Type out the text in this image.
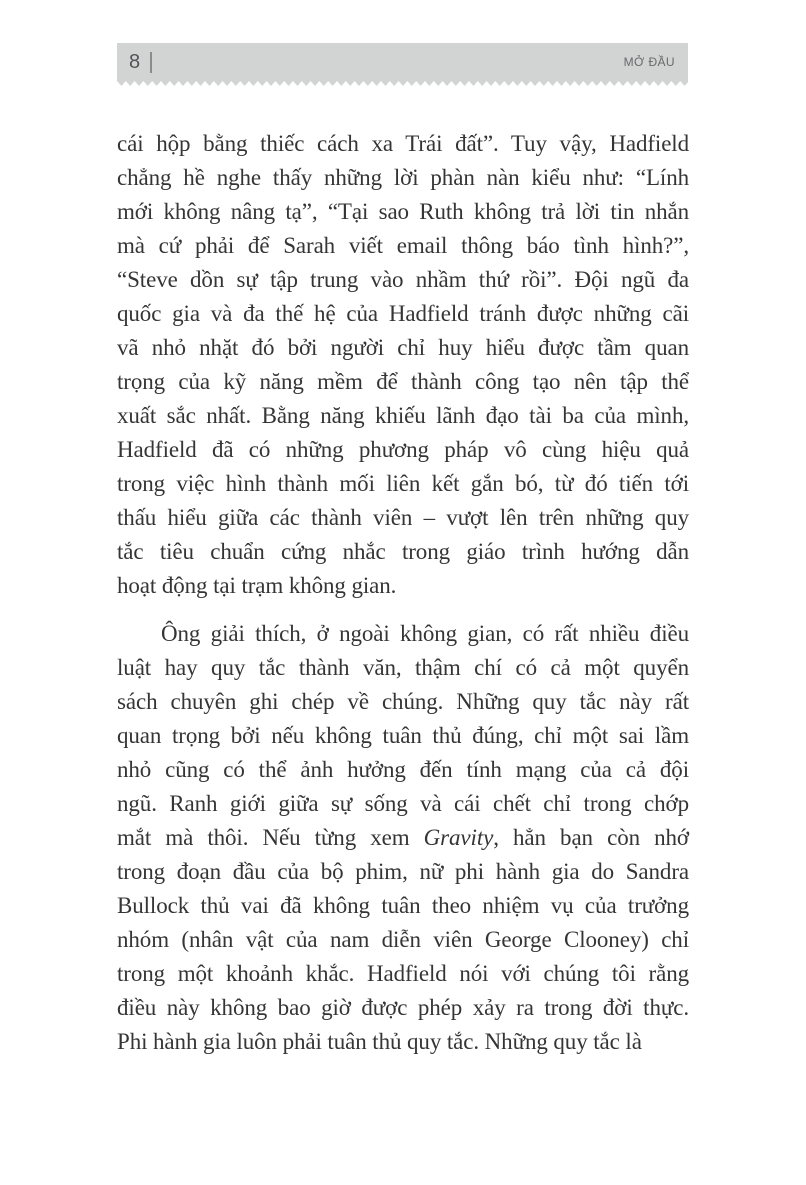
8	MỞ ĐẦU
cái hộp bằng thiếc cách xa Trái đất”. Tuy vậy, Hadfield
chẳng hề nghe thấy những lời phàn nàn kiểu như: “Lính
mới không nâng tạ”, “Tại sao Ruth không trả lời tin nhắn
mà cứ phải để Sarah viết email thông báo tình hình?”,
“Steve dồn sự tập trung vào nhầm thứ rồi”. Đội ngũ đa
quốc gia và đa thế hệ của Hadfield tránh được những cãi
vã nhỏ nhặt đó bởi người chỉ huy hiểu được tầm quan
trọng của kỹ năng mềm để thành công tạo nên tập thể
xuất sắc nhất. Bằng năng khiếu lãnh đạo tài ba của mình,
Hadfield đã có những phương pháp vô cùng hiệu quả
trong việc hình thành mối liên kết gắn bó, từ đó tiến tới
thấu hiểu giữa các thành viên – vượt lên trên những quy
tắc tiêu chuẩn cứng nhắc trong giáo trình hướng dẫn
hoạt động tại trạm không gian.
Ông giải thích, ở ngoài không gian, có rất nhiều điều
luật hay quy tắc thành văn, thậm chí có cả một quyển
sách chuyên ghi chép về chúng. Những quy tắc này rất
quan trọng bởi nếu không tuân thủ đúng, chỉ một sai lầm
nhỏ cũng có thể ảnh hưởng đến tính mạng của cả đội
ngũ. Ranh giới giữa sự sống và cái chết chỉ trong chớp
mắt mà thôi. Nếu từng xem Gravity, hẳn bạn còn nhớ
trong đoạn đầu của bộ phim, nữ phi hành gia do Sandra
Bullock thủ vai đã không tuân theo nhiệm vụ của trưởng
nhóm (nhân vật của nam diễn viên George Clooney) chỉ
trong một khoảnh khắc. Hadfield nói với chúng tôi rằng
điều này không bao giờ được phép xảy ra trong đời thực.
Phi hành gia luôn phải tuân thủ quy tắc. Những quy tắc là
